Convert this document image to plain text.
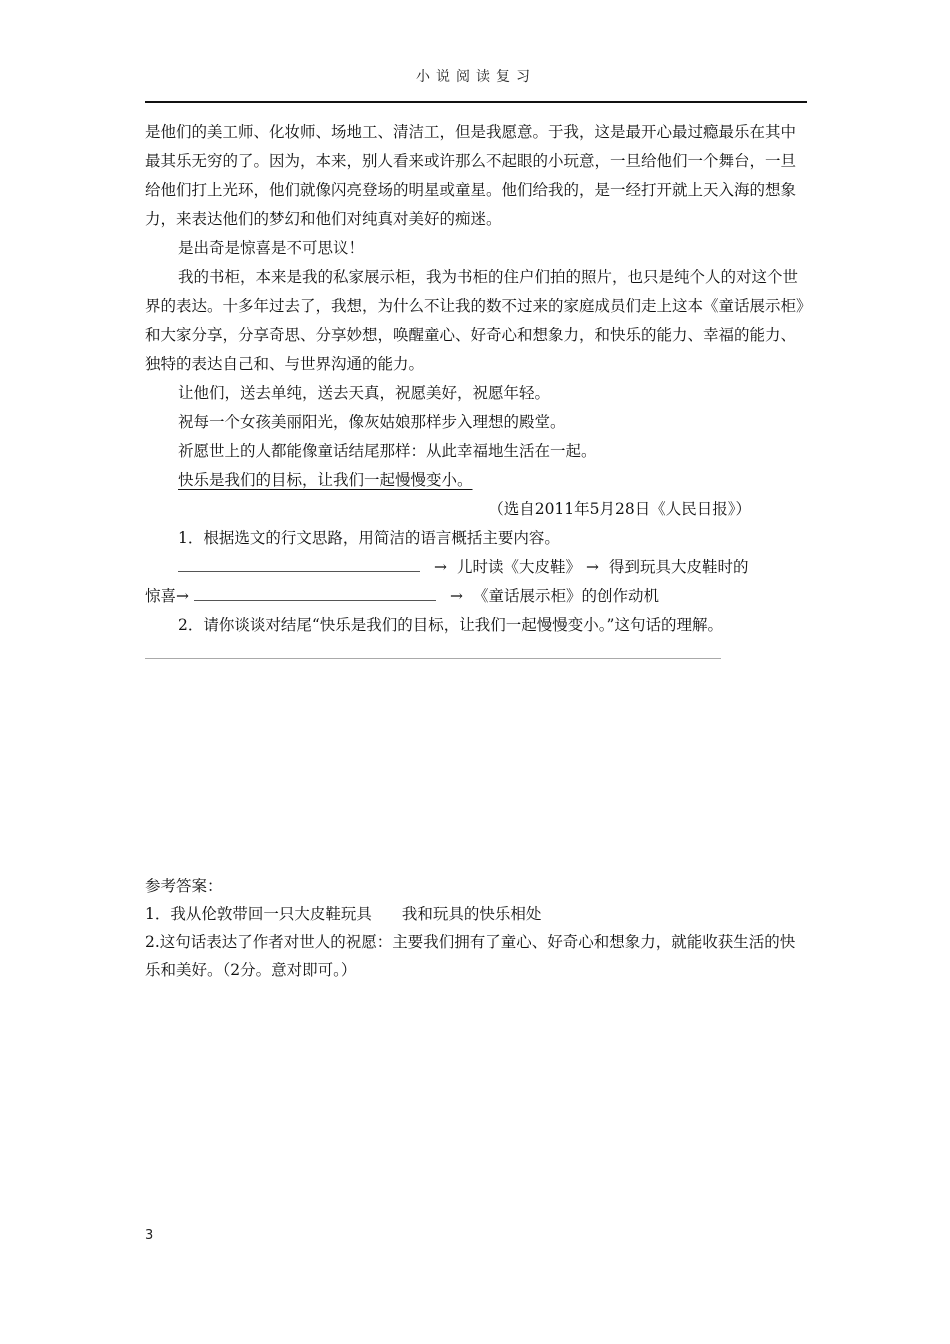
小说阅读复习

是他们的美工师、化妆师、场地工、清洁工，但是我愿意。于我，这是最开心最过瘾最乐在其中最其乐无穷的了。因为，本来，别人看来或许那么不起眼的小玩意，一旦给他们一个舞台，一旦给他们打上光环，他们就像闪亮登场的明星或童星。他们给我的，是一经打开就上天入海的想象力，来表达他们的梦幻和他们对纯真对美好的痴迷。

是出奇是惊喜是不可思议！

我的书柜，本来是我的私家展示柜，我为书柜的住户们拍的照片，也只是纯个人的对这个世界的表达。十多年过去了，我想，为什么不让我的数不过来的家庭成员们走上这本《童话展示柜》和大家分享，分享奇思、分享妙想，唤醒童心、好奇心和想象力，和快乐的能力、幸福的能力、独特的表达自己和、与世界沟通的能力。

让他们，送去单纯，送去天真，祝愿美好，祝愿年轻。

祝每一个女孩美丽阳光，像灰姑娘那样步入理想的殿堂。

祈愿世上的人都能像童话结尾那样：从此幸福地生活在一起。

快乐是我们的目标，让我们一起慢慢变小。

（选自2011年5月28日《人民日报》）

1．根据选文的行文思路，用简洁的语言概括主要内容。

→ 儿时读《大皮鞋》 → 得到玩具大皮鞋时的

惊喜→	→ 《童话展示柜》的创作动机

2．请你谈谈对结尾“快乐是我们的目标，让我们一起慢慢变小。”这句话的理解。

参考答案：

1．我从伦敦带回一只大皮鞋玩具 我和玩具的快乐相处

2.这句话表达了作者对世人的祝愿：主要我们拥有了童心、好奇心和想象力，就能收获生活的快乐和美好。（2分。意对即可。）

3
